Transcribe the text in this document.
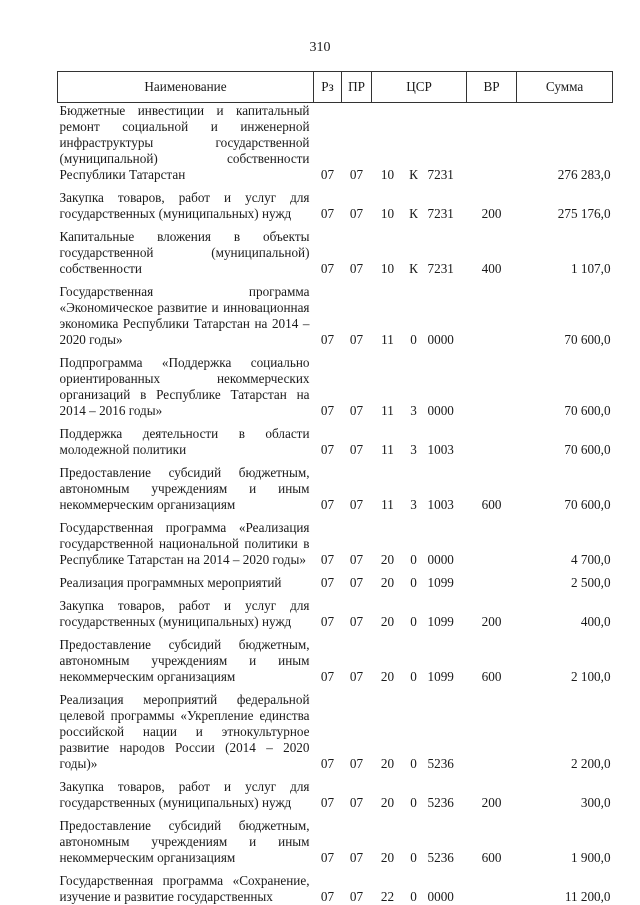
310
Наименование	Рз	ПР	ЦСР			ВР	Сумма
Бюджетные инвестиции и капитальный ремонт социальной и инженерной инфраструктуры государственной (муниципальной) собственности Республики Татарстан	07	07	10	К	7231		276 283,0

Закупка товаров, работ и услуг для государственных (муниципальных) нужд	07	07	10	К	7231	200	275 176,0

Капитальные вложения в объекты государственной (муниципальной) собственности	07	07	10	К	7231	400	1 107,0

Государственная программа «Экономическое развитие и инновационная экономика Республики Татарстан на 2014 – 2020 годы»	07	07	11	0	0000		70 600,0

Подпрограмма «Поддержка социально ориентированных некоммерческих организаций в Республике Татарстан на 2014 – 2016 годы»	07	07	11	3	0000		70 600,0

Поддержка деятельности в области молодежной политики	07	07	11	3	1003		70 600,0

Предоставление субсидий бюджетным, автономным учреждениям и иным некоммерческим организациям	07	07	11	3	1003	600	70 600,0

Государственная программа «Реализация государственной национальной политики в Республике Татарстан на 2014 – 2020 годы»	07	07	20	0	0000		4 700,0

Реализация программных мероприятий	07	07	20	0	1099		2 500,0

Закупка товаров, работ и услуг для государственных (муниципальных) нужд	07	07	20	0	1099	200	400,0

Предоставление субсидий бюджетным, автономным учреждениям и иным некоммерческим организациям	07	07	20	0	1099	600	2 100,0

Реализация мероприятий федеральной целевой программы «Укрепление единства российской нации и этнокультурное развитие народов России (2014 – 2020 годы)»	07	07	20	0	5236		2 200,0

Закупка товаров, работ и услуг для государственных (муниципальных) нужд	07	07	20	0	5236	200	300,0

Предоставление субсидий бюджетным, автономным учреждениям и иным некоммерческим организациям	07	07	20	0	5236	600	1 900,0

Государственная программа «Сохранение, изучение и развитие государственных	07	07	22	0	0000		11 200,0
